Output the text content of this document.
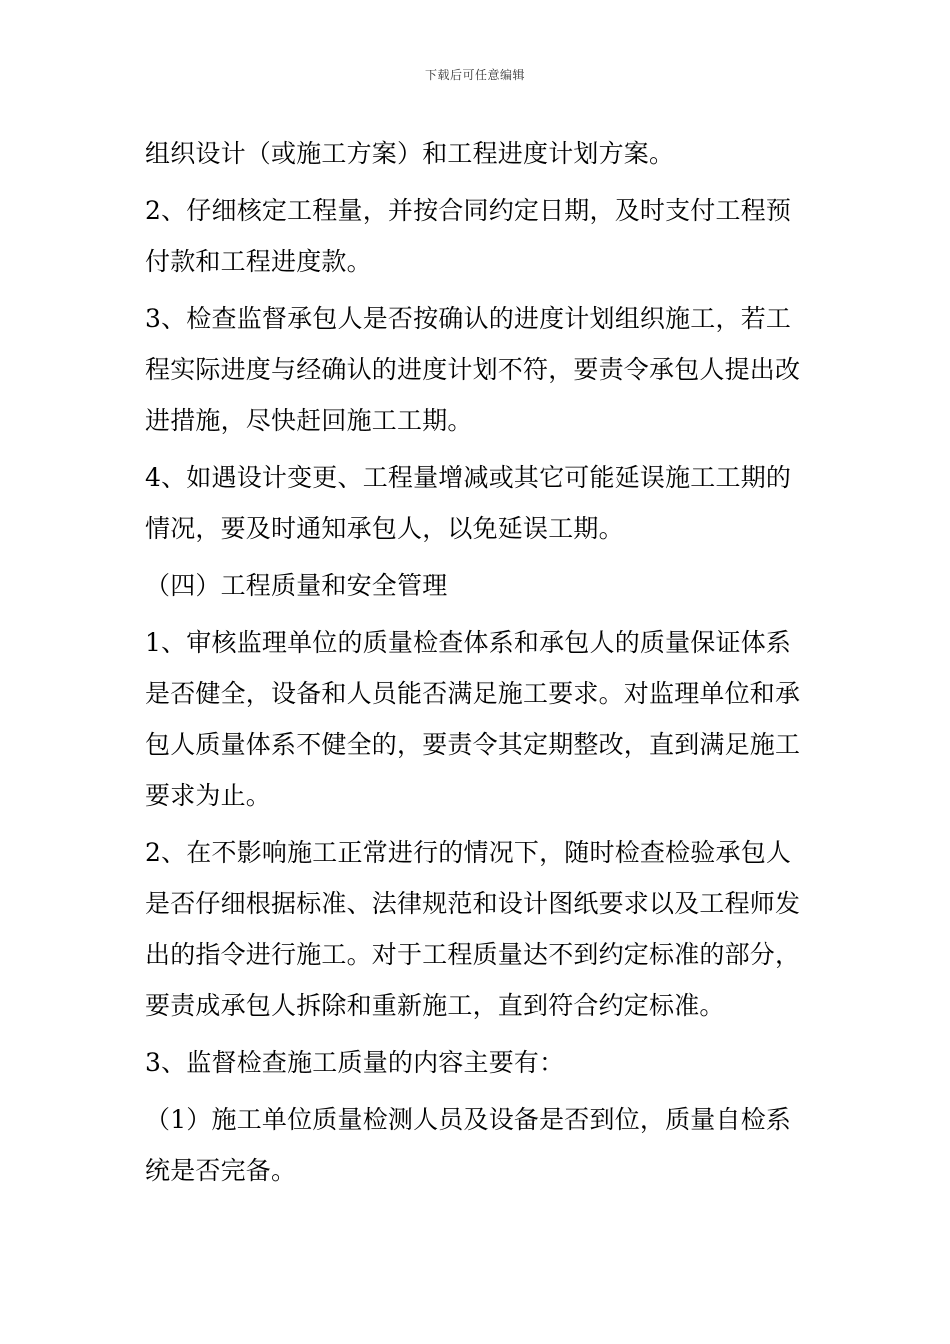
下载后可任意编辑

组织设计（或施工方案）和工程进度计划方案。

2、仔细核定工程量，并按合同约定日期，及时支付工程预付款和工程进度款。

3、检查监督承包人是否按确认的进度计划组织施工，若工程实际进度与经确认的进度计划不符，要责令承包人提出改进措施，尽快赶回施工工期。

4、如遇设计变更、工程量增减或其它可能延误施工工期的情况，要及时通知承包人，以免延误工期。

（四）工程质量和安全管理

1、审核监理单位的质量检查体系和承包人的质量保证体系是否健全，设备和人员能否满足施工要求。对监理单位和承包人质量体系不健全的，要责令其定期整改，直到满足施工要求为止。

2、在不影响施工正常进行的情况下，随时检查检验承包人是否仔细根据标准、法律规范和设计图纸要求以及工程师发出的指令进行施工。对于工程质量达不到约定标准的部分，要责成承包人拆除和重新施工，直到符合约定标准。

3、监督检查施工质量的内容主要有：

（1）施工单位质量检测人员及设备是否到位，质量自检系统是否完备。
